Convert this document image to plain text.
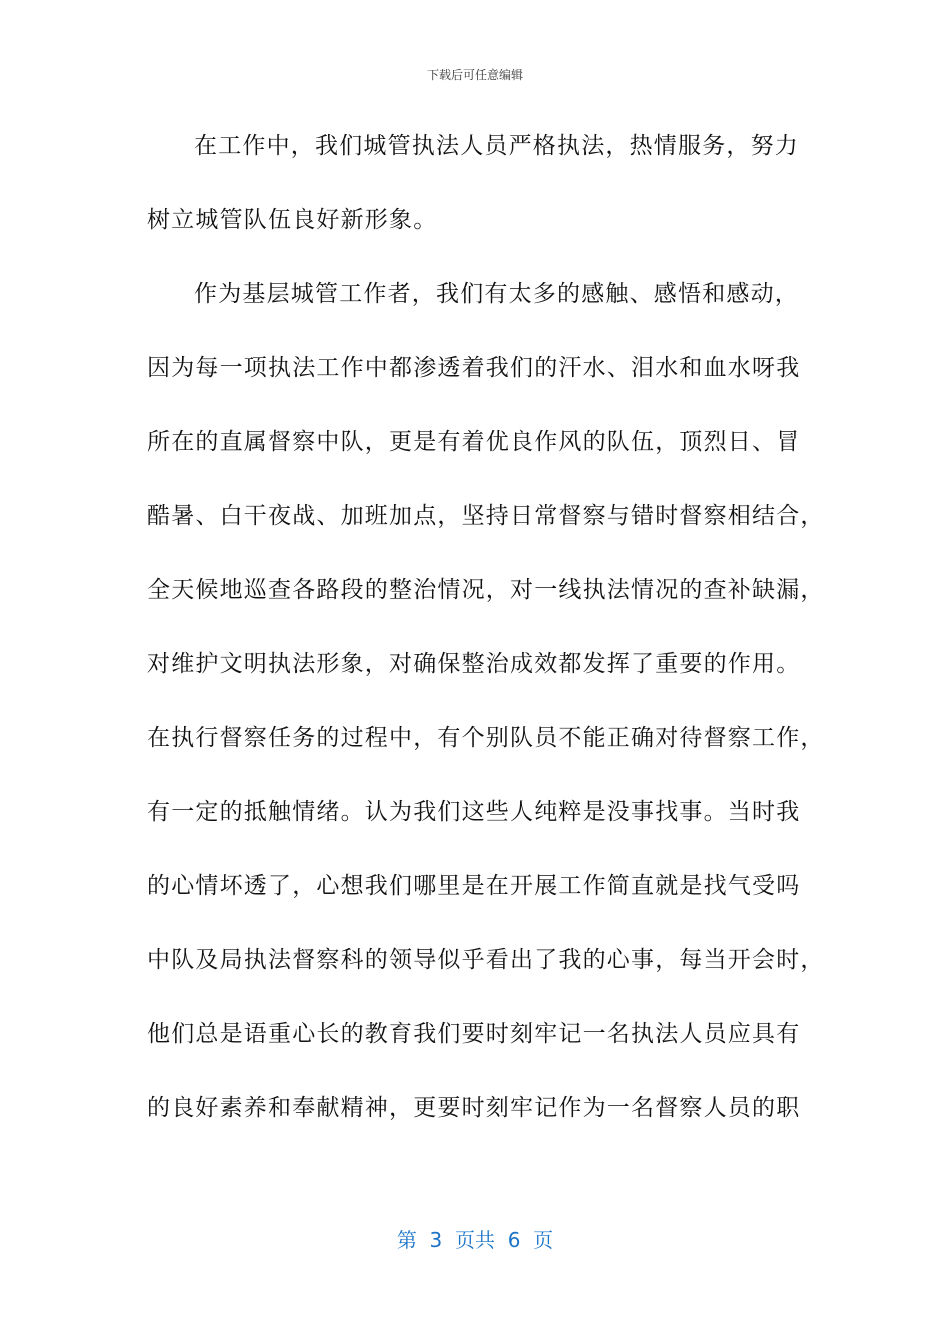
下载后可任意编辑
在工作中，我们城管执法人员严格执法，热情服务，努力
树立城管队伍良好新形象。
作为基层城管工作者，我们有太多的感触、感悟和感动，
因为每一项执法工作中都渗透着我们的汗水、泪水和血水呀我
所在的直属督察中队，更是有着优良作风的队伍，顶烈日、冒
酷暑、白干夜战、加班加点，坚持日常督察与错时督察相结合，
全天候地巡查各路段的整治情况，对一线执法情况的查补缺漏，
对维护文明执法形象，对确保整治成效都发挥了重要的作用。
在执行督察任务的过程中，有个别队员不能正确对待督察工作，
有一定的抵触情绪。认为我们这些人纯粹是没事找事。当时我
的心情坏透了，心想我们哪里是在开展工作简直就是找气受吗
中队及局执法督察科的领导似乎看出了我的心事，每当开会时，
他们总是语重心长的教育我们要时刻牢记一名执法人员应具有
的良好素养和奉献精神，更要时刻牢记作为一名督察人员的职
第  3  页共  6  页
